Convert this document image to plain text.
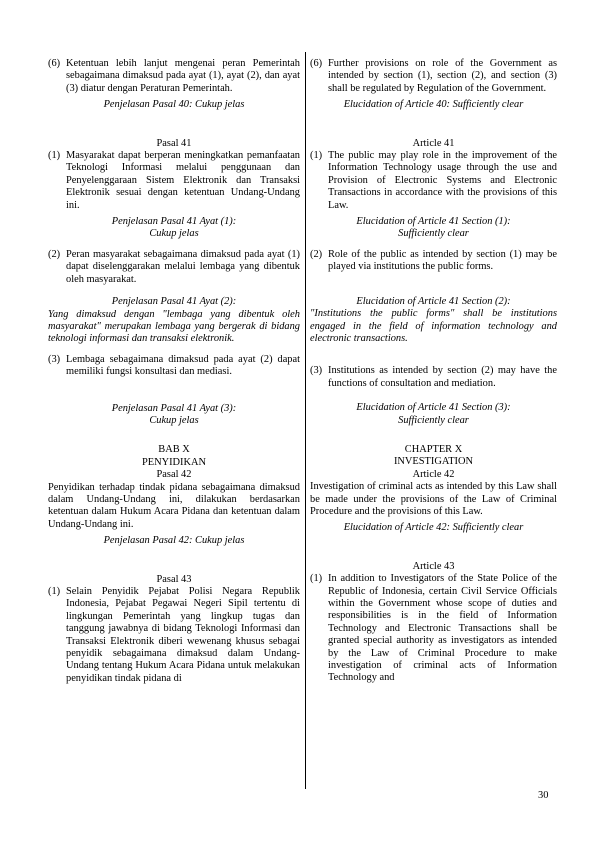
(6) Ketentuan lebih lanjut mengenai peran Pemerintah sebagaimana dimaksud pada ayat (1), ayat (2), dan ayat (3) diatur dengan Peraturan Pemerintah.
Penjelasan Pasal 40: Cukup jelas
Pasal 41
(1) Masyarakat dapat berperan meningkatkan pemanfaatan Teknologi Informasi melalui penggunaan dan Penyelenggaraan Sistem Elektronik dan Transaksi Elektronik sesuai dengan ketentuan Undang-Undang ini.
Penjelasan Pasal 41 Ayat (1):
Cukup jelas
(2) Peran masyarakat sebagaimana dimaksud pada ayat (1) dapat diselenggarakan melalui lembaga yang dibentuk oleh masyarakat.
Penjelasan Pasal 41 Ayat (2):
Yang dimaksud dengan "lembaga yang dibentuk oleh masyarakat" merupakan lembaga yang bergerak di bidang teknologi informasi dan transaksi elektronik.
(3) Lembaga sebagaimana dimaksud pada ayat (2) dapat memiliki fungsi konsultasi dan mediasi.
Penjelasan Pasal 41 Ayat (3):
Cukup jelas
BAB X
PENYIDIKAN
Pasal 42
Penyidikan terhadap tindak pidana sebagaimana dimaksud dalam Undang-Undang ini, dilakukan berdasarkan ketentuan dalam Hukum Acara Pidana dan ketentuan dalam Undang-Undang ini.
Penjelasan Pasal 42: Cukup jelas
Pasal 43
(1) Selain Penyidik Pejabat Polisi Negara Republik Indonesia, Pejabat Pegawai Negeri Sipil tertentu di lingkungan Pemerintah yang lingkup tugas dan tanggung jawabnya di bidang Teknologi Informasi dan Transaksi Elektronik diberi wewenang khusus sebagai penyidik sebagaimana dimaksud dalam Undang-Undang tentang Hukum Acara Pidana untuk melakukan penyidikan tindak pidana di
(6) Further provisions on role of the Government as intended by section (1), section (2), and section (3) shall be regulated by Regulation of the Government.
Elucidation of Article 40: Sufficiently clear
Article 41
(1) The public may play role in the improvement of the Information Technology usage through the use and Provision of Electronic Systems and Electronic Transactions in accordance with the provisions of this Law.
Elucidation of Article 41 Section (1):
Sufficiently clear
(2) Role of the public as intended by section (1) may be played via institutions the public forms.
Elucidation of Article 41 Section (2):
"Institutions the public forms" shall be institutions engaged in the field of information technology and electronic transactions.
(3) Institutions as intended by section (2) may have the functions of consultation and mediation.
Elucidation of Article 41 Section (3):
Sufficiently clear
CHAPTER X
INVESTIGATION
Article 42
Investigation of criminal acts as intended by this Law shall be made under the provisions of the Law of Criminal Procedure and the provisions of this Law.
Elucidation of Article 42: Sufficiently clear
Article 43
(1) In addition to Investigators of the State Police of the Republic of Indonesia, certain Civil Service Officials within the Government whose scope of duties and responsibilities is in the field of Information Technology and Electronic Transactions shall be granted special authority as investigators as intended by the Law of Criminal Procedure to make investigation of criminal acts of Information Technology and
30
